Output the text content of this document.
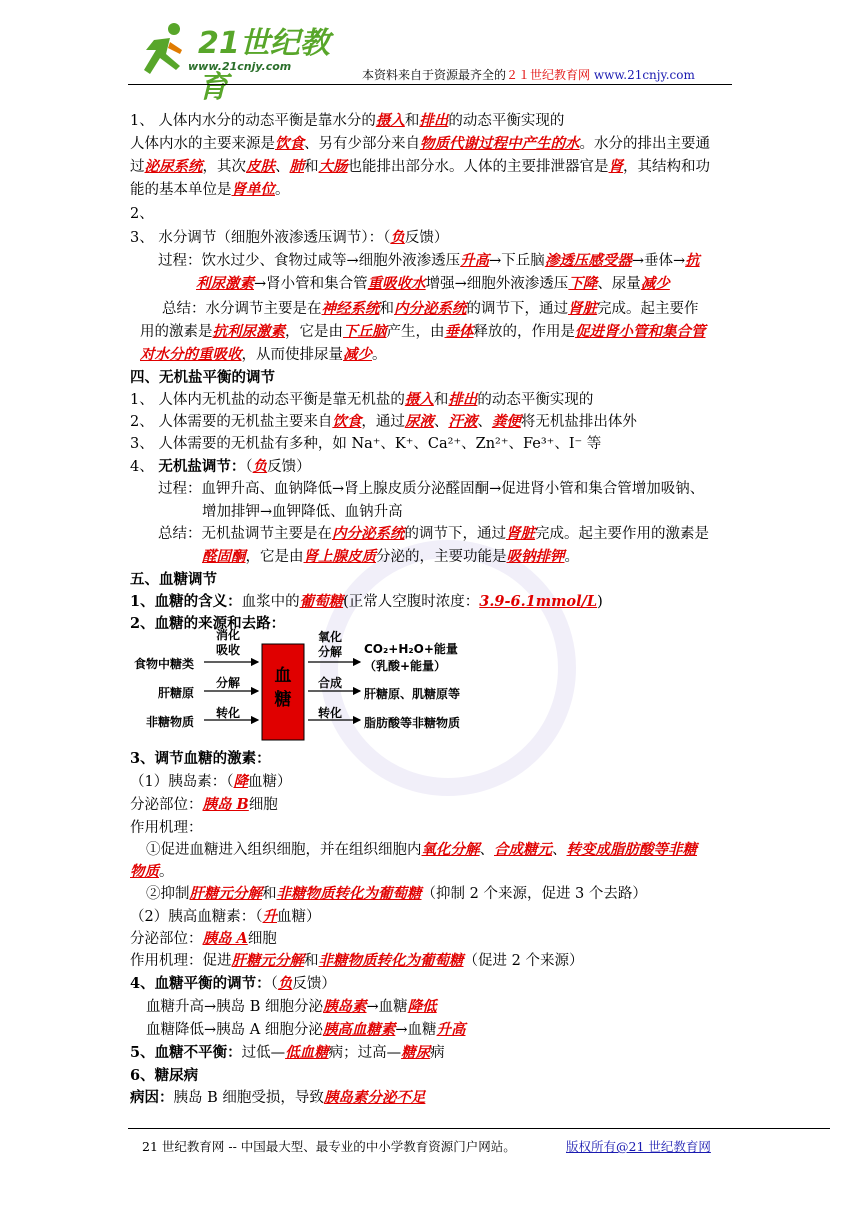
21世纪教育
www.21cnjy.com
本资料来自于资源最齐全的２１世纪教育网 www.21cnjy.com
1、 人体内水分的动态平衡是靠水分的摄入和排出的动态平衡实现的
人体内水的主要来源是饮食、另有少部分来自物质代谢过程中产生的水。水分的排出主要通
过泌尿系统，其次皮肤、肺和大肠也能排出部分水。人体的主要排泄器官是肾，其结构和功
能的基本单位是肾单位。
2、
3、 水分调节（细胞外液渗透压调节）：（负反馈）
过程：饮水过少、食物过咸等→细胞外液渗透压升高→下丘脑渗透压感受器→垂体→抗
利尿激素→肾小管和集合管重吸收水增强→细胞外液渗透压下降、尿量减少
总结：水分调节主要是在神经系统和内分泌系统的调节下，通过肾脏完成。起主要作
用的激素是抗利尿激素，它是由下丘脑产生，由垂体释放的，作用是促进肾小管和集合管
对水分的重吸收，从而使排尿量减少。
四、无机盐平衡的调节
1、 人体内无机盐的动态平衡是靠无机盐的摄入和排出的动态平衡实现的
2、 人体需要的无机盐主要来自饮食，通过尿液、汗液、粪便将无机盐排出体外
3、 人体需要的无机盐有多种，如 Na⁺、K⁺、Ca²⁺、Zn²⁺、Fe³⁺、I⁻ 等
4、 无机盐调节：（负反馈）
过程：血钾升高、血钠降低→肾上腺皮质分泌醛固酮→促进肾小管和集合管增加吸钠、
增加排钾→血钾降低、血钠升高
总结：无机盐调节主要是在内分泌系统的调节下，通过肾脏完成。起主要作用的激素是
醛固酮，它是由肾上腺皮质分泌的，主要功能是吸钠排钾。
五、血糖调节
1、血糖的含义：血浆中的葡萄糖(正常人空腹时浓度：3.9-6.1mmol/L)
2、血糖的来源和去路：
3、调节血糖的激素：
（1）胰岛素：（降血糖）
分泌部位：胰岛 B细胞
作用机理：
①促进血糖进入组织细胞，并在组织细胞内氧化分解、合成糖元、转变成脂肪酸等非糖
物质。
②抑制肝糖元分解和非糖物质转化为葡萄糖（抑制 2 个来源，促进 3 个去路）
（2）胰高血糖素：（升血糖）
分泌部位：胰岛 A细胞
作用机理：促进肝糖元分解和非糖物质转化为葡萄糖（促进 2 个来源）
4、血糖平衡的调节：（负反馈）
血糖升高→胰岛 B 细胞分泌胰岛素→血糖降低
血糖降低→胰岛 A 细胞分泌胰高血糖素→血糖升高
5、血糖不平衡：过低—低血糖病；过高—糖尿病
6、糖尿病
病因：胰岛 B 细胞受损，导致胰岛素分泌不足
血糖
食物中糖类
肝糖原
非糖物质
消化
吸收
分解
转化
氧化
分解
合成
转化
CO₂+H₂O+能量
（乳酸+能量）
肝糖原、肌糖原等
脂肪酸等非糖物质
21 世纪教育网 -- 中国最大型、最专业的中小学教育资源门户网站。	版权所有@21 世纪教育网
